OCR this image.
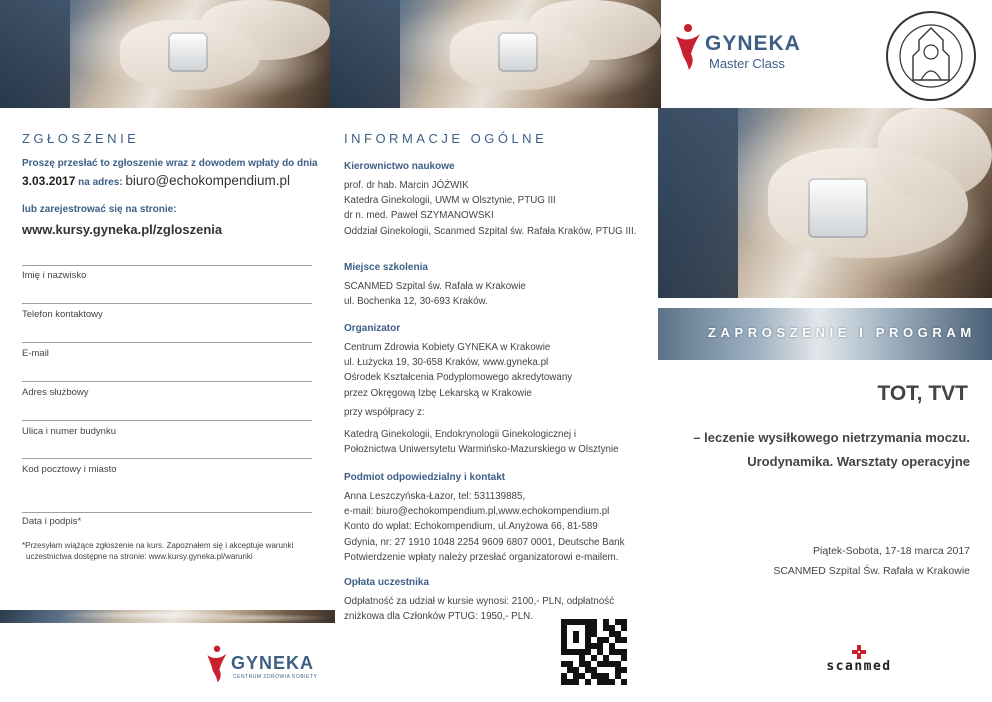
GYNEKA
Master Class
ZGŁOSZENIE
Proszę przesłać to zgłoszenie wraz z dowodem wpłaty do dnia
3.03.2017 na adres: biuro@echokompendium.pl
lub zarejestrować się na stronie:
www.kursy.gyneka.pl/zgloszenia
Imię i nazwisko
Telefon kontaktowy
E-mail
Adres służbowy
Ulica i numer budynku
Kod pocztowy i miasto
Data i podpis*
*Przesyłam wiążące zgłoszenie na kurs. Zapoznałem się i akceptuje warunki
uczestnictwa dostępne na stronie: www.kursy.gyneka.pl/warunki
GYNEKA
CENTRUM ZDROWIA KOBIETY
INFORMACJE OGÓLNE
Kierownictwo naukowe
prof. dr hab. Marcin JÓŹWIK
Katedra Ginekologii, UWM w Olsztynie, PTUG III
dr n. med. Paweł SZYMANOWSKI
Oddział Ginekologii, Scanmed Szpital św. Rafała Kraków, PTUG III.
Miejsce szkolenia
SCANMED Szpital św. Rafała w Krakowie
ul. Bochenka 12, 30-693 Kraków.
Organizator
Centrum Zdrowia Kobiety GYNEKA w Krakowie
ul. Łużycka 19, 30-658 Kraków, www.gyneka.pl
Ośrodek Kształcenia Podyplomowego akredytowany
przez Okręgową Izbę Lekarską w Krakowie
przy współpracy z:
Katedrą Ginekologii, Endokrynologii Ginekologicznej i
Położnictwa Uniwersytetu Warmińsko-Mazurskiego w Olsztynie
Podmiot odpowiedzialny i kontakt
Anna Leszczyńska-Łazor, tel: 531139885,
e-mail: biuro@echokompendium.pl,www.echokompendium.pl
Konto do wpłat: Echokompendium, ul.Anyżowa 66, 81-589
Gdynia, nr: 27 1910 1048 2254 9609 6807 0001, Deutsche Bank
Potwierdzenie wpłaty należy przesłać organizatorowi e-mailem.
Opłata uczestnika
Odpłatność za udział w kursie wynosi: 2100,- PLN, odpłatność
zniżkowa dla Członków PTUG: 1950,- PLN.
ZAPROSZENIE I PROGRAM
TOT, TVT
– leczenie wysiłkowego nietrzymania moczu.
Urodynamika. Warsztaty operacyjne
Piątek-Sobota, 17-18 marca 2017
SCANMED Szpital Św. Rafała w Krakowie
scanmed
